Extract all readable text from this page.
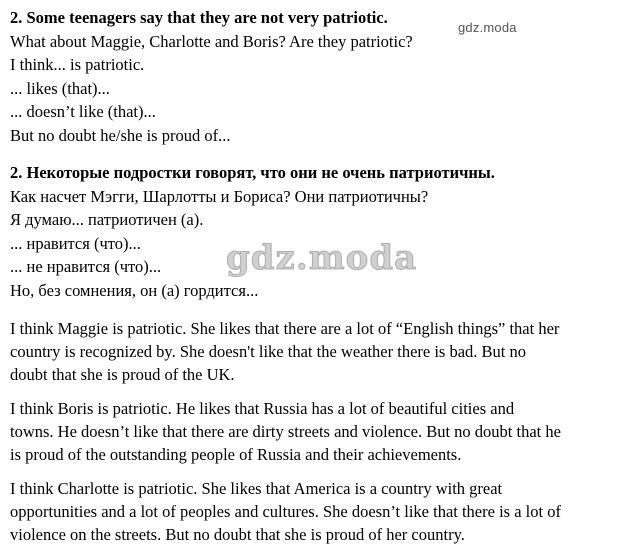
2. Some teenagers say that they are not very patriotic.
What about Maggie, Charlotte and Boris? Are they patriotic?
I think... is patriotic.
... likes (that)...
... doesn’t like (that)...
But no doubt he/she is proud of...
2. Некоторые подростки говорят, что они не очень патриотичны.
Как насчет Мэгги, Шарлотты и Бориса? Они патриотичны?
Я думаю... патриотичен (а).
... нравится (что)...
... не нравится (что)...
Но, без сомнения, он (а) гордится...
I think Maggie is patriotic. She likes that there are a lot of “English things” that her
country is recognized by. She doesn't like that the weather there is bad. But no
doubt that she is proud of the UK.
I think Boris is patriotic. He likes that Russia has a lot of beautiful cities and
towns. He doesn’t like that there are dirty streets and violence. But no doubt that he
is proud of the outstanding people of Russia and their achievements.
I think Charlotte is patriotic. She likes that America is a country with great
opportunities and a lot of peoples and cultures. She doesn’t like that there is a lot of
violence on the streets. But no doubt that she is proud of her country.
gdz.moda
gdz.moda
